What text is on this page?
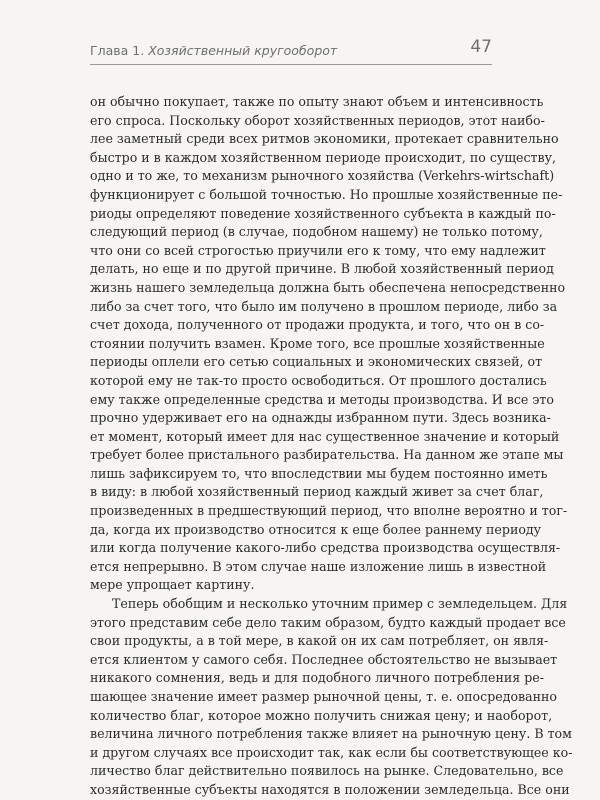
Глава 1. Хозяйственный кругооборот	47
он обычно покупает, также по опыту знают объем и интенсивность
его спроса. Поскольку оборот хозяйственных периодов, этот наибо-
лее заметный среди всех ритмов экономики, протекает сравнительно
быстро и в каждом хозяйственном периоде происходит, по существу,
одно и то же, то механизм рыночного хозяйства (Verkehrs-wirtschaft)
функционирует с большой точностью. Но прошлые хозяйственные пе-
риоды определяют поведение хозяйственного субъекта в каждый по-
следующий период (в случае, подобном нашему) не только потому,
что они со всей строгостью приучили его к тому, что ему надлежит
делать, но еще и по другой причине. В любой хозяйственный период
жизнь нашего земледельца должна быть обеспечена непосредственно
либо за счет того, что было им получено в прошлом периоде, либо за
счет дохода, полученного от продажи продукта, и того, что он в со-
стоянии получить взамен. Кроме того, все прошлые хозяйственные
периоды оплели его сетью социальных и экономических связей, от
которой ему не так-то просто освободиться. От прошлого достались
ему также определенные средства и методы производства. И все это
прочно удерживает его на однажды избранном пути. Здесь возника-
ет момент, который имеет для нас существенное значение и который
требует более пристального разбирательства. На данном же этапе мы
лишь зафиксируем то, что впоследствии мы будем постоянно иметь
в виду: в любой хозяйственный период каждый живет за счет благ,
произведенных в предшествующий период, что вполне вероятно и тог-
да, когда их производство относится к еще более раннему периоду
или когда получение какого-либо средства производства осуществля-
ется непрерывно. В этом случае наше изложение лишь в известной
мере упрощает картину.
Теперь обобщим и несколько уточним пример с земледельцем. Для
этого представим себе дело таким образом, будто каждый продает все
свои продукты, а в той мере, в какой он их сам потребляет, он явля-
ется клиентом у самого себя. Последнее обстоятельство не вызывает
никакого сомнения, ведь и для подобного личного потребления ре-
шающее значение имеет размер рыночной цены, т. е. опосредованно
количество благ, которое можно получить снижая цену; и наоборот,
величина личного потребления также влияет на рыночную цену. В том
и другом случаях все происходит так, как если бы соответствующее ко-
личество благ действительно появилось на рынке. Следовательно, все
хозяйственные субъекты находятся в положении земледельца. Все они
